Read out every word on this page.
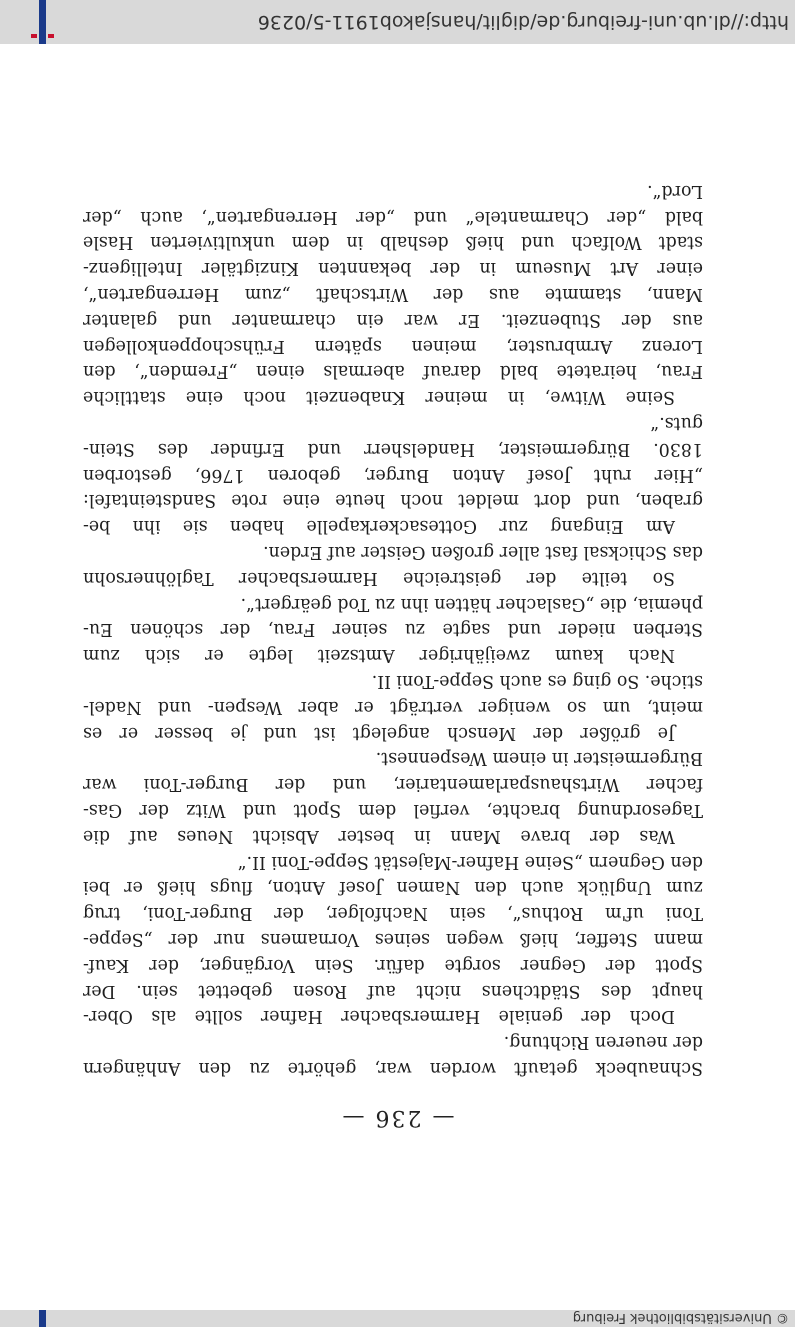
© Universitätsbibliothek Freiburg
— 236 —
Schnaubeck getauft worden war, gehörte zu den Anhängern
der neueren Richtung.
Doch der geniale Harmersbacher Hafner sollte als Ober-
haupt des Städtchens nicht auf Rosen gebettet sein. Der
Spott der Gegner sorgte dafür. Sein Vorgänger, der Kauf-
mann Steffer, hieß wegen seines Vornamens nur der „Seppe-
Toni uf'm Rothus“, sein Nachfolger, der Burger-Toni, trug
zum Unglück auch den Namen Josef Anton, flugs hieß er bei
den Gegnern „Seine Hafner-Majestät Seppe-Toni II.“
Was der brave Mann in bester Absicht Neues auf die
Tagesordnung brachte, verfiel dem Spott und Witz der Gas-
facher Wirtshausparlamentarier, und der Burger-Toni war
Bürgermeister in einem Wespennest.
Je größer der Mensch angelegt ist und je besser er es
meint, um so weniger verträgt er aber Wespen- und Nadel-
stiche. So ging es auch Seppe-Toni II.
Nach kaum zweijähriger Amtszeit legte er sich zum
Sterben nieder und sagte zu seiner Frau, der schönen Eu-
phemia, die „Gaslacher hätten ihn zu Tod geärgert“.
So teilte der geistreiche Harmersbacher Taglöhnersohn
das Schicksal fast aller großen Geister auf Erden.
Am Eingang zur Gottesackerkapelle haben sie ihn be-
graben, und dort meldet noch heute eine rote Sandsteintafel:
„Hier ruht Josef Anton Burger, geboren 1766, gestorben
1830. Bürgermeister, Handelsherr und Erfinder des Stein-
guts.“
Seine Witwe, in meiner Knabenzeit noch eine stattliche
Frau, heiratete bald darauf abermals einen „Fremden“, den
Lorenz Armbruster, meinen spätern Frühschoppenkollegen
aus der Stubenzeit. Er war ein charmanter und galanter
Mann, stammte aus der Wirtschaft „zum Herrengarten“,
einer Art Museum in der bekannten Kinzigtäler Intelligenz-
stadt Wolfach und hieß deshalb in dem unkultivierten Hasle
bald „der Charmantele“ und „der Herrengarten“, auch „der
Lord“.
http://dl.ub.uni-freiburg.de/diglit/hansjakob1911-5/0236
